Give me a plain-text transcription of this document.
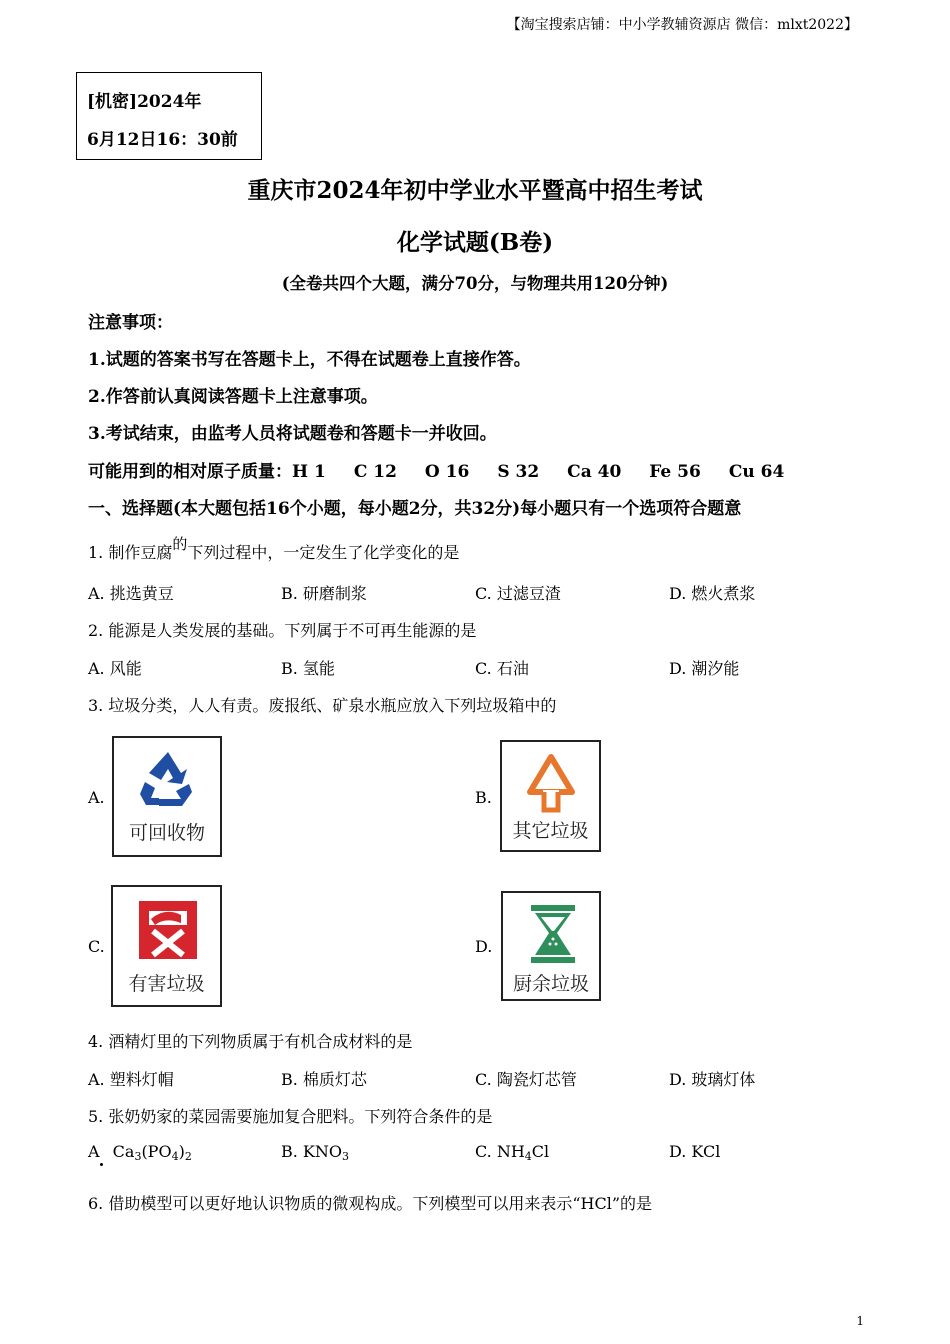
【淘宝搜索店铺：中小学教辅资源店 微信：mlxt2022】
[机密]2024年
6月12日16：30前
重庆市2024年初中学业水平暨高中招生考试
化学试题(B卷)
(全卷共四个大题，满分70分，与物理共用120分钟)
注意事项：
1.试题的答案书写在答题卡上，不得在试题卷上直接作答。
2.作答前认真阅读答题卡上注意事项。
3.考试结束，由监考人员将试题卷和答题卡一并收回。
可能用到的相对原子质量：H 1 C 12 O 16 S 32 Ca 40 Fe 56 Cu 64
一、选择题(本大题包括16个小题，每小题2分，共32分)每小题只有一个选项符合题意
1. 制作豆腐的下列过程中，一定发生了化学变化的是
A. 挑选黄豆	B. 研磨制浆	C. 过滤豆渣	D. 燃火煮浆
2. 能源是人类发展的基础。下列属于不可再生能源的是
A. 风能	B. 氢能	C. 石油	D. 潮汐能
3. 垃圾分类，人人有责。废报纸、矿泉水瓶应放入下列垃圾箱中的
A.
可回收物
B.
其它垃圾
C.
有害垃圾
D.
厨余垃圾
4. 酒精灯里的下列物质属于有机合成材料的是
A. 塑料灯帽	B. 棉质灯芯	C. 陶瓷灯芯管	D. 玻璃灯体
5. 张奶奶家的菜园需要施加复合肥料。下列符合条件的是
A $Ca_3(PO_4)_2$	B. $KNO_3$	C. $NH_4Cl$	D. KCl
6. 借助模型可以更好地认识物质的微观构成。下列模型可以用来表示“HCl”的是
1
